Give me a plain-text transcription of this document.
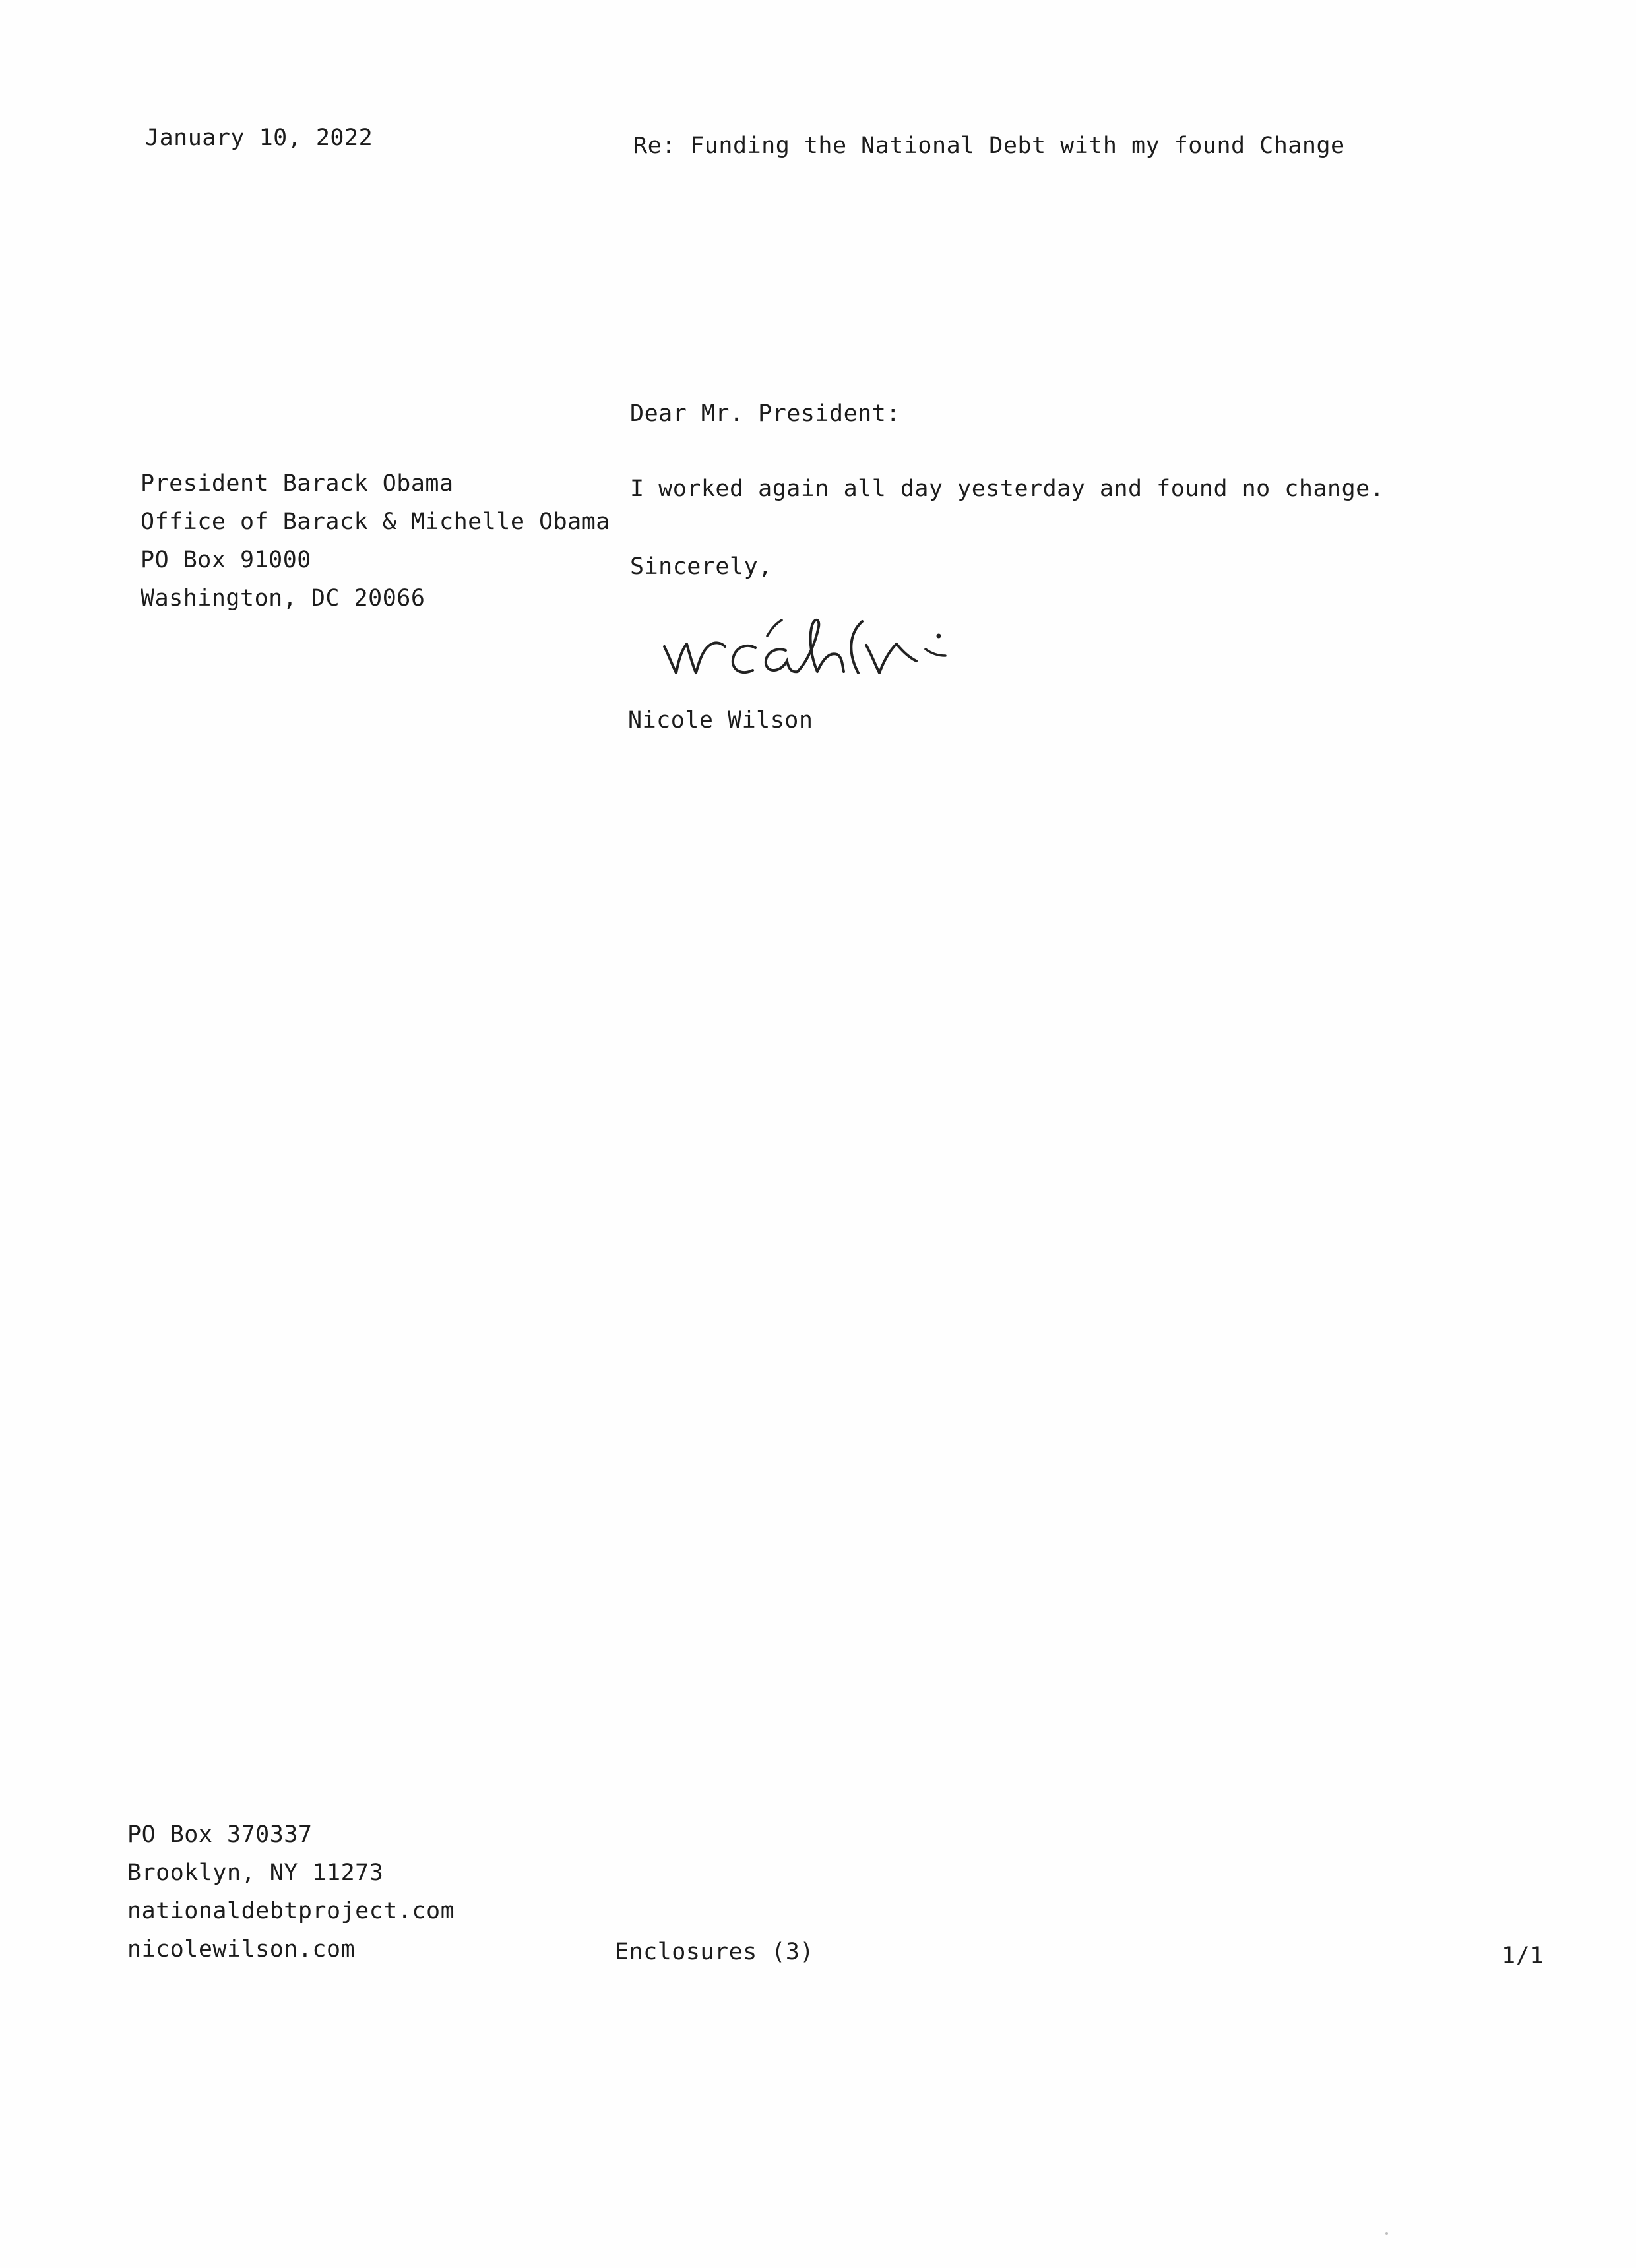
January 10, 2022	Re: Funding the National Debt with my found Change
Dear Mr. President:
President Barack Obama
Office of Barack & Michelle Obama
PO Box 91000
Washington, DC 20066
I worked again all day yesterday and found no change.
Sincerely,
Nicole Wilson
PO Box 370337
Brooklyn, NY 11273
nationaldebtproject.com
nicolewilson.com	Enclosures (3)	1/1
